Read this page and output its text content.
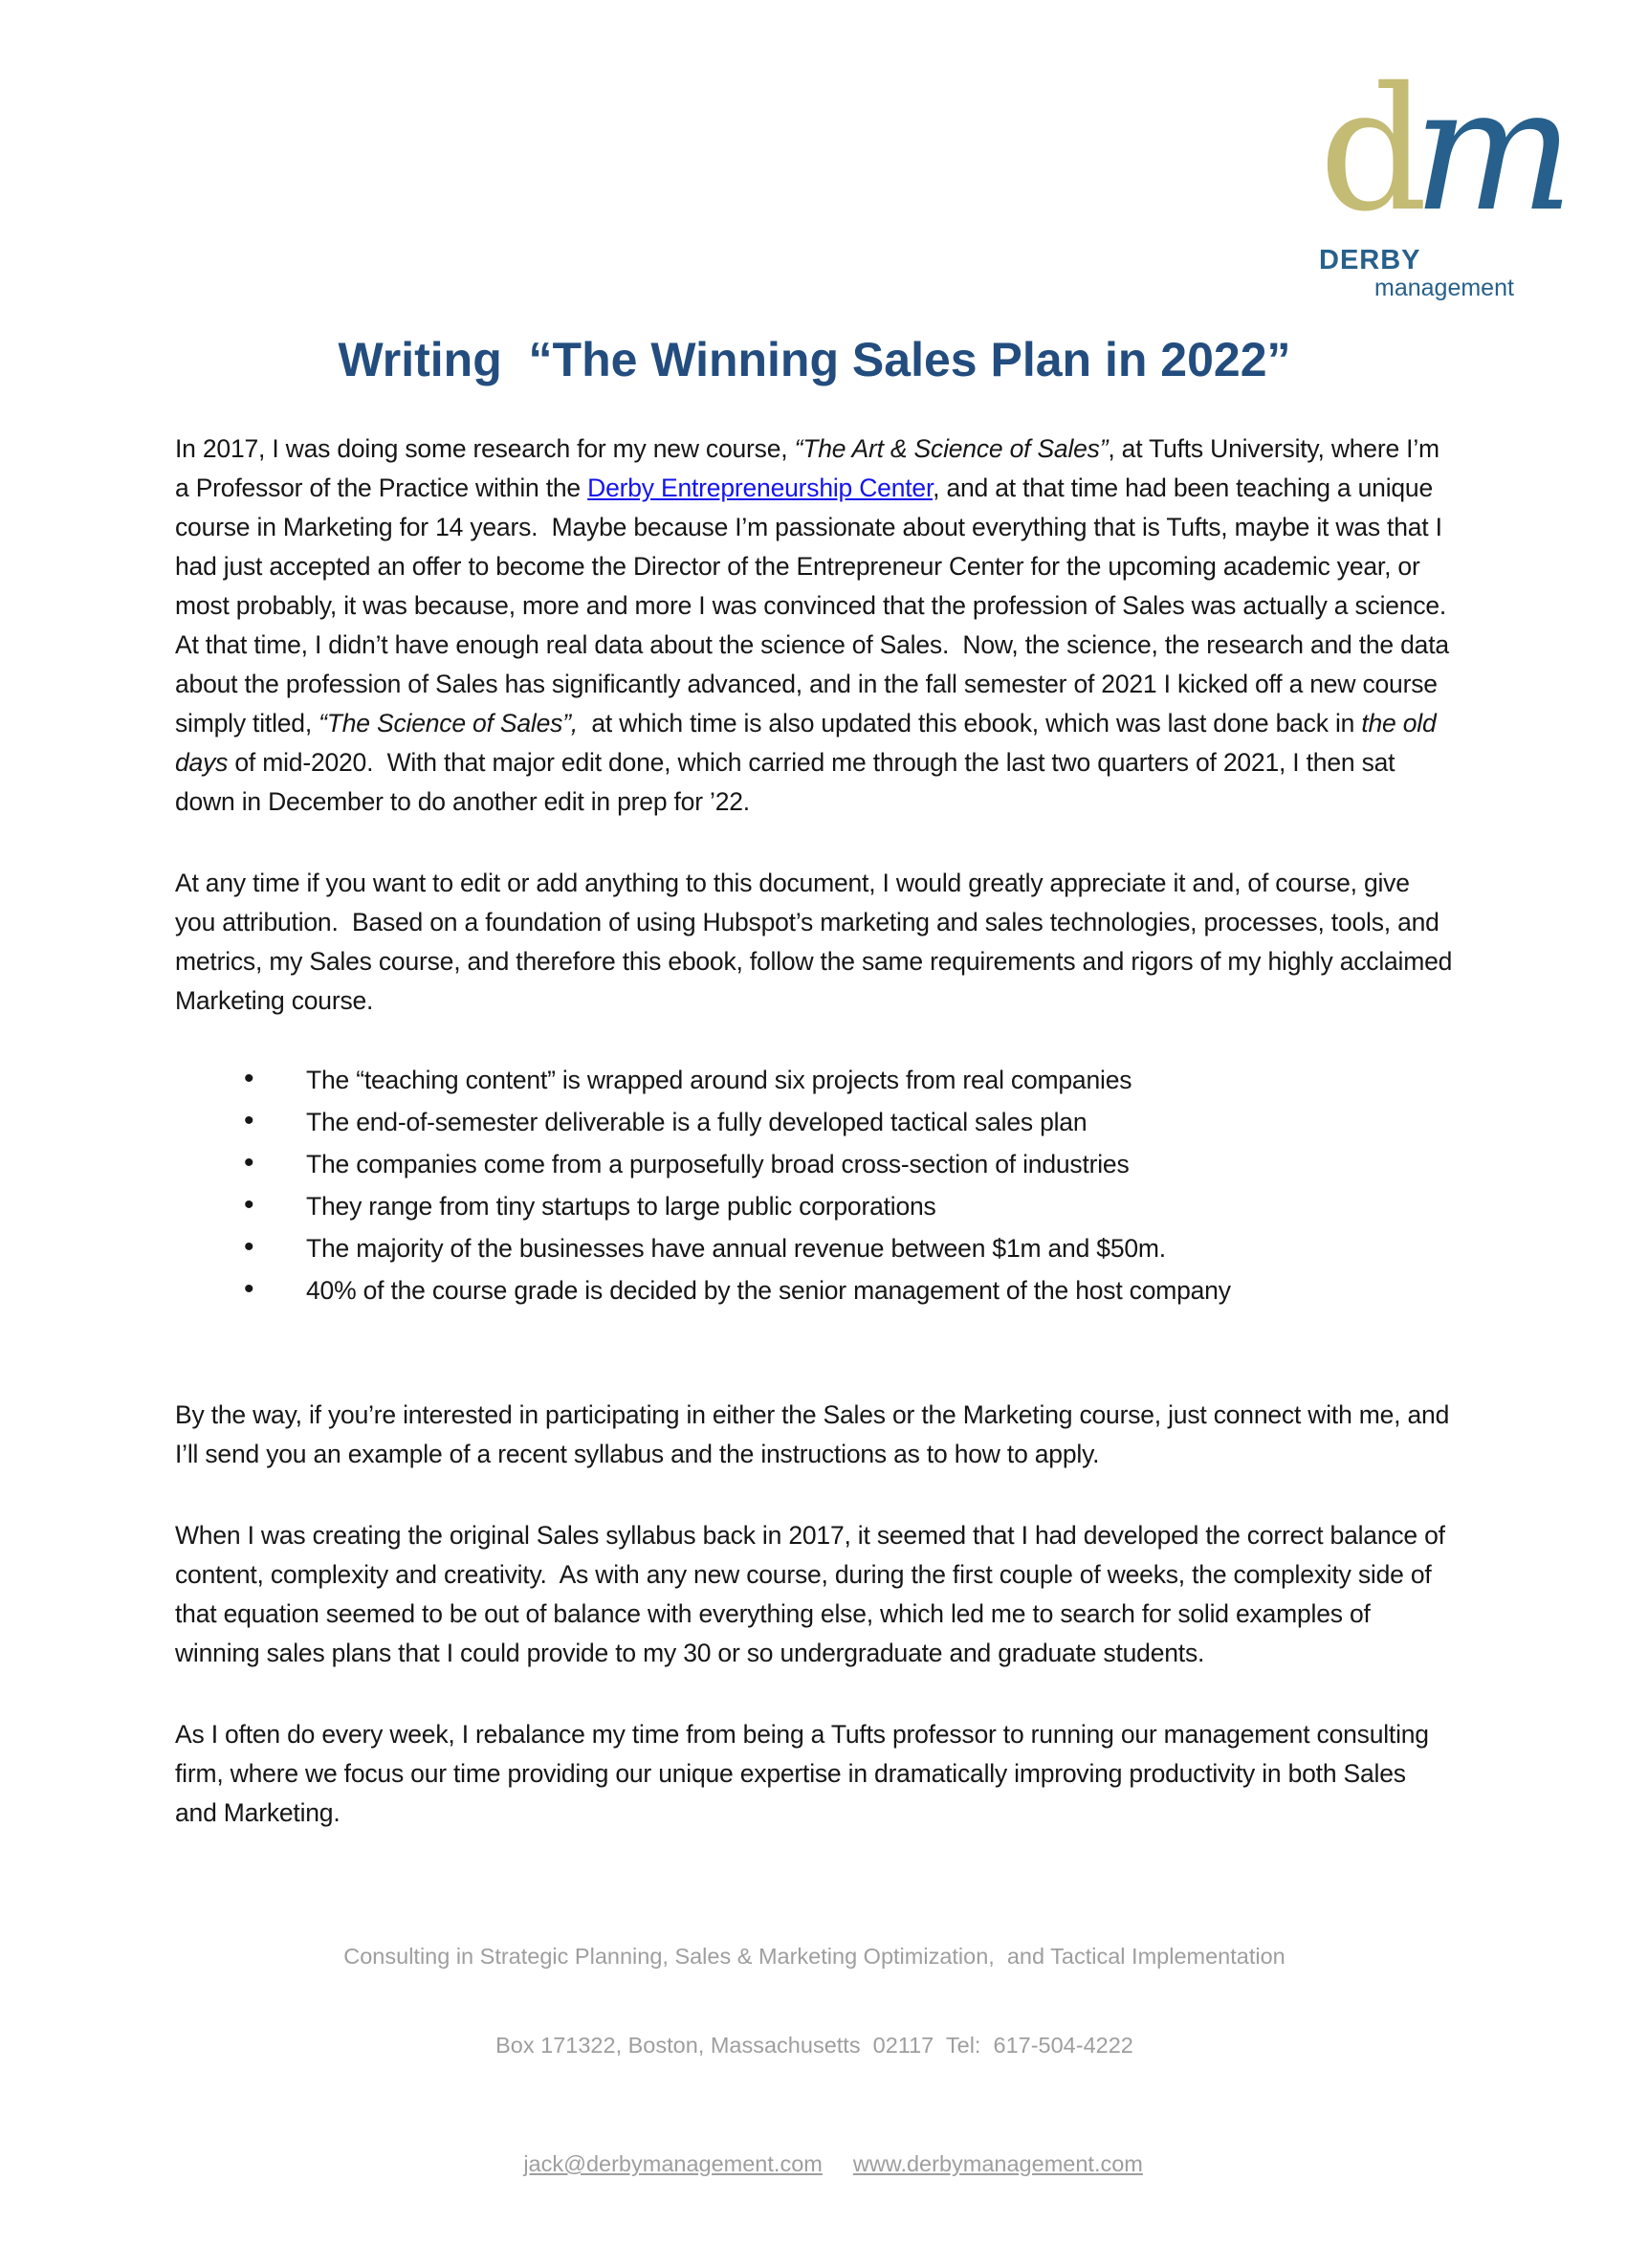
dm
DERBY
management
Writing  “The Winning Sales Plan in 2022”

In 2017, I was doing some research for my new course, “The Art & Science of Sales”, at Tufts University, where I’m a Professor of the Practice within the Derby Entrepreneurship Center, and at that time had been teaching a unique course in Marketing for 14 years.  Maybe because I’m passionate about everything that is Tufts, maybe it was that I had just accepted an offer to become the Director of the Entrepreneur Center for the upcoming academic year, or most probably, it was because, more and more I was convinced that the profession of Sales was actually a science.  At that time, I didn’t have enough real data about the science of Sales.  Now, the science, the research and the data about the profession of Sales has significantly advanced, and in the fall semester of 2021 I kicked off a new course simply titled, “The Science of Sales”,  at which time is also updated this ebook, which was last done back in the old days of mid-2020.  With that major edit done, which carried me through the last two quarters of 2021, I then sat down in December to do another edit in prep for ’22.

At any time if you want to edit or add anything to this document, I would greatly appreciate it and, of course, give you attribution.  Based on a foundation of using Hubspot’s marketing and sales technologies, processes, tools, and metrics, my Sales course, and therefore this ebook, follow the same requirements and rigors of my highly acclaimed Marketing course.

• The “teaching content” is wrapped around six projects from real companies
• The end-of-semester deliverable is a fully developed tactical sales plan
• The companies come from a purposefully broad cross-section of industries
• They range from tiny startups to large public corporations
• The majority of the businesses have annual revenue between $1m and $50m.
• 40% of the course grade is decided by the senior management of the host company

By the way, if you’re interested in participating in either the Sales or the Marketing course, just connect with me, and I’ll send you an example of a recent syllabus and the instructions as to how to apply.

When I was creating the original Sales syllabus back in 2017, it seemed that I had developed the correct balance of content, complexity and creativity.  As with any new course, during the first couple of weeks, the complexity side of that equation seemed to be out of balance with everything else, which led me to search for solid examples of winning sales plans that I could provide to my 30 or so undergraduate and graduate students.

As I often do every week, I rebalance my time from being a Tufts professor to running our management consulting firm, where we focus our time providing our unique expertise in dramatically improving productivity in both Sales and Marketing.

Consulting in Strategic Planning, Sales & Marketing Optimization,  and Tactical Implementation

Box 171322, Boston, Massachusetts  02117  Tel:  617-504-4222

jack@derbymanagement.com www.derbymanagement.com
